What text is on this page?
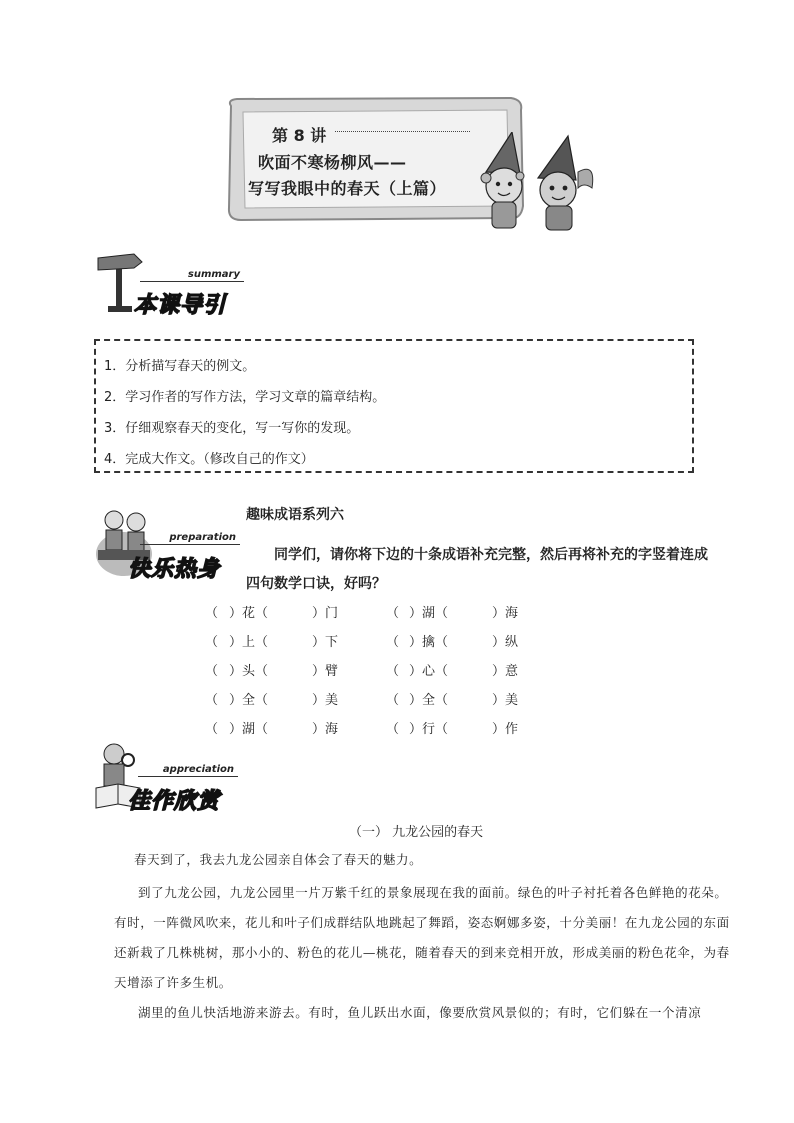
第 8 讲
吹面不寒杨柳风——
写写我眼中的春天（上篇）
summary
本课导引
1．分析描写春天的例文。
2．学习作者的写作方法，学习文章的篇章结构。
3．仔细观察春天的变化，写一写你的发现。
4．完成大作文。（修改自己的作文）
preparation
快乐热身
趣味成语系列六
同学们，请你将下边的十条成语补充完整，然后再将补充的字竖着连成四句数学口诀，好吗？
（ ）花（	）门	（ ）湖（	）海
（ ）上（	）下	（ ）擒（	）纵
（ ）头（	）臂	（ ）心（	）意
（ ）全（	）美	（ ）全（	）美
（ ）湖（	）海	（ ）行（	）作
appreciation
佳作欣赏
（一） 九龙公园的春天
春天到了，我去九龙公园亲自体会了春天的魅力。
到了九龙公园，九龙公园里一片万紫千红的景象展现在我的面前。绿色的叶子衬托着各色鲜艳的花朵。有时，一阵微风吹来，花儿和叶子们成群结队地跳起了舞蹈，姿态婀娜多姿，十分美丽！在九龙公园的东面还新栽了几株桃树，那小小的、粉色的花儿—桃花，随着春天的到来竞相开放，形成美丽的粉色花伞，为春天增添了许多生机。
湖里的鱼儿快活地游来游去。有时，鱼儿跃出水面，像要欣赏风景似的；有时，它们躲在一个清凉
